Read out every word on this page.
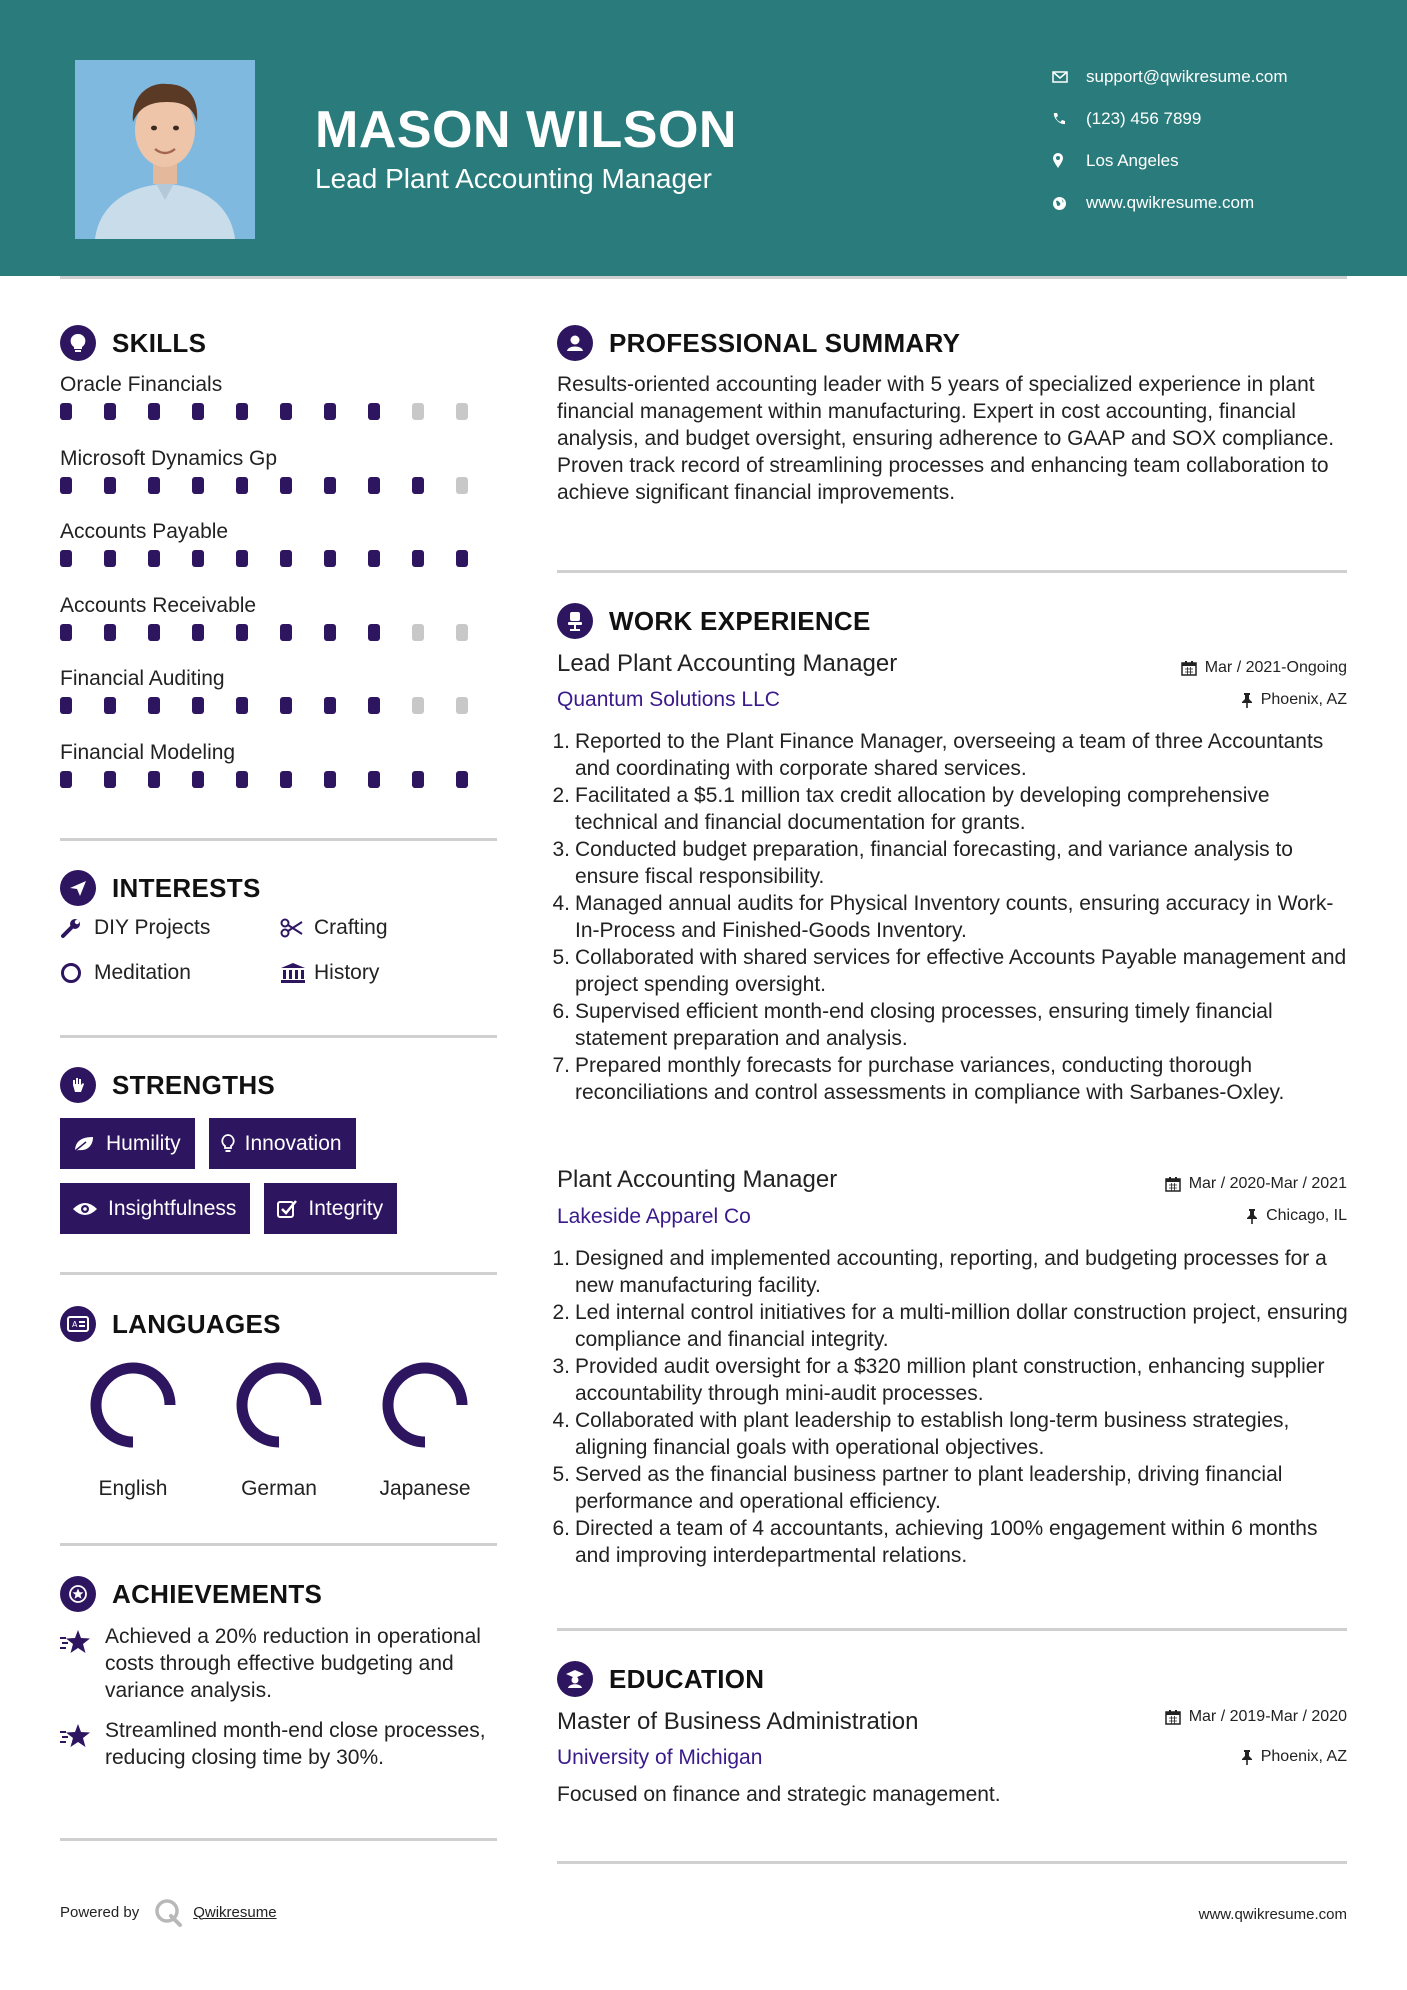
MASON WILSON
Lead Plant Accounting Manager
support@qwikresume.com
(123) 456 7899
Los Angeles
www.qwikresume.com
SKILLS
Oracle Financials
Microsoft Dynamics Gp
Accounts Payable
Accounts Receivable
Financial Auditing
Financial Modeling
INTERESTS
DIY Projects	Crafting
Meditation	History
STRENGTHS
Humility	Innovation
Insightfulness	Integrity
A LANGUAGES
English	German	Japanese
ACHIEVEMENTS
Achieved a 20% reduction in operational costs through effective budgeting and variance analysis.
Streamlined month-end close processes, reducing closing time by 30%.
Powered by	Qwikresume	www.qwikresume.com
PROFESSIONAL SUMMARY
Results-oriented accounting leader with 5 years of specialized experience in plant financial management within manufacturing. Expert in cost accounting, financial analysis, and budget oversight, ensuring adherence to GAAP and SOX compliance. Proven track record of streamlining processes and enhancing team collaboration to achieve significant financial improvements.
WORK EXPERIENCE
Lead Plant Accounting Manager	Mar / 2021-Ongoing
Quantum Solutions LLC	Phoenix, AZ
1. Reported to the Plant Finance Manager, overseeing a team of three Accountants and coordinating with corporate shared services.
2. Facilitated a $5.1 million tax credit allocation by developing comprehensive technical and financial documentation for grants.
3. Conducted budget preparation, financial forecasting, and variance analysis to ensure fiscal responsibility.
4. Managed annual audits for Physical Inventory counts, ensuring accuracy in Work-In-Process and Finished-Goods Inventory.
5. Collaborated with shared services for effective Accounts Payable management and project spending oversight.
6. Supervised efficient month-end closing processes, ensuring timely financial statement preparation and analysis.
7. Prepared monthly forecasts for purchase variances, conducting thorough reconciliations and control assessments in compliance with Sarbanes-Oxley.
Plant Accounting Manager	Mar / 2020-Mar / 2021
Lakeside Apparel Co	Chicago, IL
1. Designed and implemented accounting, reporting, and budgeting processes for a new manufacturing facility.
2. Led internal control initiatives for a multi-million dollar construction project, ensuring compliance and financial integrity.
3. Provided audit oversight for a $320 million plant construction, enhancing supplier accountability through mini-audit processes.
4. Collaborated with plant leadership to establish long-term business strategies, aligning financial goals with operational objectives.
5. Served as the financial business partner to plant leadership, driving financial performance and operational efficiency.
6. Directed a team of 4 accountants, achieving 100% engagement within 6 months and improving interdepartmental relations.
EDUCATION
Master of Business Administration	Mar / 2019-Mar / 2020
University of Michigan	Phoenix, AZ
Focused on finance and strategic management.
